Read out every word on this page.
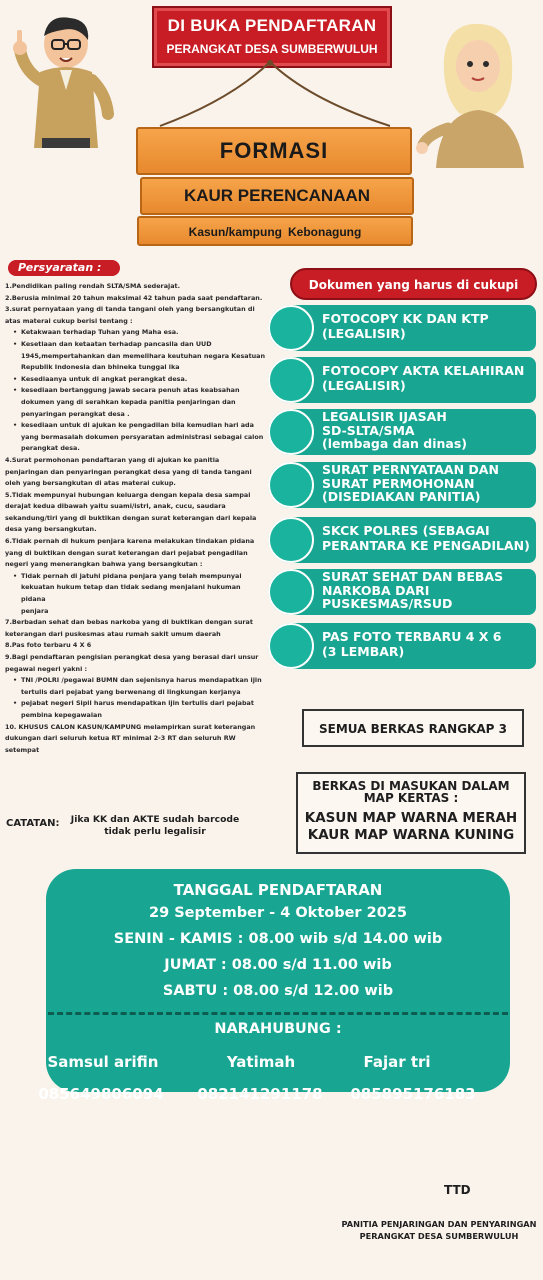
DI BUKA PENDAFTARAN
PERANGKAT DESA SUMBERWULUH
FORMASI
KAUR PERENCANAAN
Kasun/kampung Kebonagung
Persyaratan :

1.Pendidikan paling rendah SLTA/SMA sederajat.

2.Berusia minimal 20 tahun maksimal 42 tahun pada saat pendaftaran.

3.surat pernyataan yang di tanda tangani oleh yang bersangkutan di

atas materai cukup berisi tentang :

• Ketakwaan terhadap Tuhan yang Maha esa.

• Kesetiaan dan ketaatan terhadap pancasila dan UUD

1945,mempertahankan dan memelihara keutuhan negara Kesatuan

Republik Indonesia dan bhineka tunggal ika

• Kesediaanya untuk di angkat perangkat desa.

• kesediaan bertanggung jawab secara penuh atas keabsahan

dokumen yang di serahkan kepada panitia penjaringan dan

penyaringan perangkat desa .

• kesediaan untuk di ajukan ke pengadilan bila kemudian hari ada

yang bermasalah dokumen persyaratan administrasi sebagai calon

perangkat desa.

4.Surat permohonan pendaftaran yang di ajukan ke panitia

penjaringan dan penyaringan perangkat desa yang di tanda tangani

oleh yang bersangkutan di atas materai cukup.

5.Tidak mempunyai hubungan keluarga dengan kepala desa sampai

derajat kedua dibawah yaitu suami/istri, anak, cucu, saudara

sekandung/tiri yang di buktikan dengan surat keterangan dari kepala

desa yang bersangkutan.

6.Tidak pernah di hukum penjara karena melakukan tindakan pidana

yang di buktikan dengan surat keterangan dari pejabat pengadilan

negeri yang menerangkan bahwa yang bersangkutan :

• Tidak pernah di jatuhi pidana penjara yang telah mempunyai

kekuatan hukum tetap dan tidak sedang menjalani hukuman pidana

penjara

7.Berbadan sehat dan bebas narkoba yang di buktikan dengan surat

keterangan dari puskesmas atau rumah sakit umum daerah

8.Pas foto terbaru 4 X 6

9.Bagi pendaftaran pengisian perangkat desa yang berasal dari unsur

pegawai negeri yakni :

• TNI /POLRI /pegawai BUMN dan sejenisnya harus mendapatkan ijin

tertulis dari pejabat yang berwenang di lingkungan kerjanya

• pejabat negeri Sipil harus mendapatkan ijin tertulis dari pejabat

pembina kepegawaian

10. KHUSUS CALON KASUN/KAMPUNG melampirkan surat keterangan

dukungan dari seluruh ketua RT minimal 2-3 RT dan seluruh RW

setempat

CATATAN: Jika KK dan AKTE sudah barcode tidak perlu legalisir
Dokumen yang harus di cukupi
FOTOCOPY KK DAN KTP
(LEGALISIR)
FOTOCOPY AKTA KELAHIRAN
(LEGALISIR)
LEGALISIR IJASAH
SD-SLTA/SMA
(lembaga dan dinas)
SURAT PERNYATAAN DAN
SURAT PERMOHONAN
(DISEDIAKAN PANITIA)
SKCK POLRES (SEBAGAI
PERANTARA KE PENGADILAN)
SURAT SEHAT DAN BEBAS
NARKOBA DARI
PUSKESMAS/RSUD
PAS FOTO TERBARU 4 X 6
(3 LEMBAR)
SEMUA BERKAS RANGKAP 3
BERKAS DI MASUKAN DALAM MAP KERTAS :
KASUN MAP WARNA MERAH
KAUR MAP WARNA KUNING
TANGGAL PENDAFTARAN
29 September - 4 Oktober 2025
SENIN - KAMIS : 08.00 wib s/d 14.00 wib
JUMAT : 08.00 s/d 11.00 wib
SABTU : 08.00 s/d 12.00 wib
NARAHUBUNG :
Samsul arifin	Yatimah	Fajar tri
085649806094	082141291178	085895176183
TTD
PANITIA PENJARINGAN DAN PENYARINGAN PERANGKAT DESA SUMBERWULUH
